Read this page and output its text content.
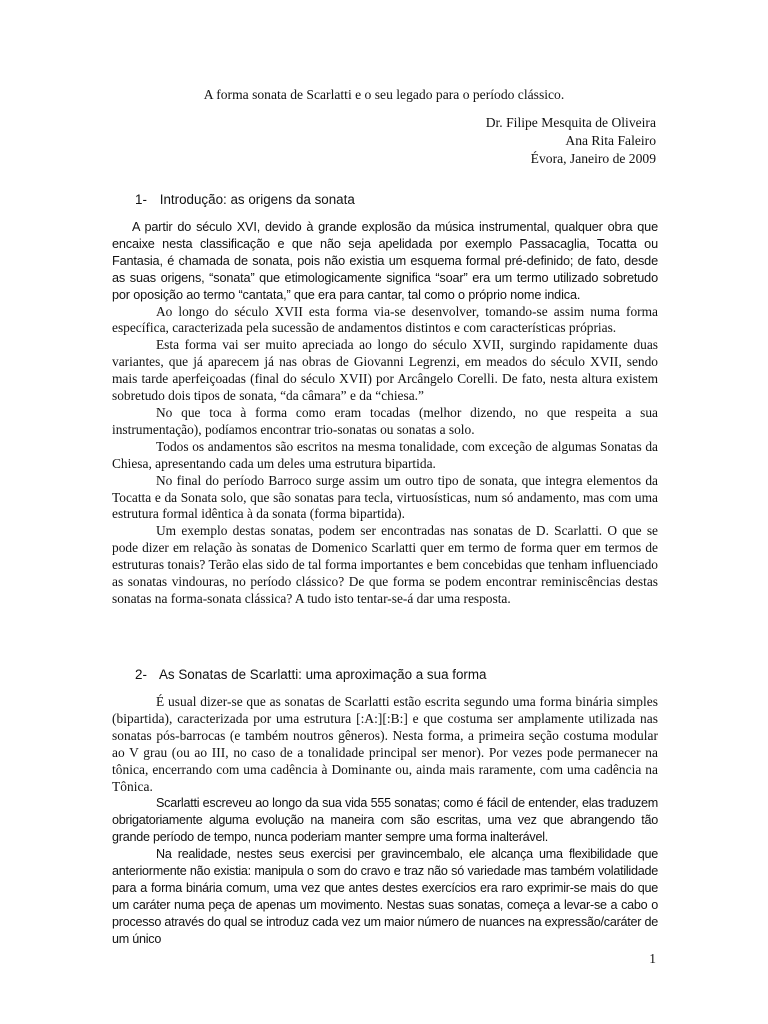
A forma sonata de Scarlatti e o seu legado para o período clássico.
Dr. Filipe Mesquita de Oliveira
Ana Rita Faleiro
Évora, Janeiro de 2009
1- Introdução: as origens da sonata

A partir do século XVI, devido à grande explosão da música instrumental, qualquer obra que encaixe nesta classificação e que não seja apelidada por exemplo Passacaglia, Tocatta ou Fantasia, é chamada de sonata, pois não existia um esquema formal pré-definido; de fato, desde as suas origens, “sonata” que etimologicamente significa “soar” era um termo utilizado sobretudo por oposição ao termo “cantata,” que era para cantar, tal como o próprio nome indica.

Ao longo do século XVII esta forma via-se desenvolver, tomando-se assim numa forma específica, caracterizada pela sucessão de andamentos distintos e com características próprias.

Esta forma vai ser muito apreciada ao longo do século XVII, surgindo rapidamente duas variantes, que já aparecem já nas obras de Giovanni Legrenzi, em meados do século XVII, sendo mais tarde aperfeiçoadas (final do século XVII) por Arcângelo Corelli. De fato, nesta altura existem sobretudo dois tipos de sonata, “da câmara” e da “chiesa.”

No que toca à forma como eram tocadas (melhor dizendo, no que respeita a sua instrumentação), podíamos encontrar trio-sonatas ou sonatas a solo.

Todos os andamentos são escritos na mesma tonalidade, com exceção de algumas Sonatas da Chiesa, apresentando cada um deles uma estrutura bipartida.

No final do período Barroco surge assim um outro tipo de sonata, que integra elementos da Tocatta e da Sonata solo, que são sonatas para tecla, virtuosísticas, num só andamento, mas com uma estrutura formal idêntica à da sonata (forma bipartida).

Um exemplo destas sonatas, podem ser encontradas nas sonatas de D. Scarlatti. O que se pode dizer em relação às sonatas de Domenico Scarlatti quer em termo de forma quer em termos de estruturas tonais? Terão elas sido de tal forma importantes e bem concebidas que tenham influenciado as sonatas vindouras, no período clássico? De que forma se podem encontrar reminiscências destas sonatas na forma-sonata clássica? A tudo isto tentar-se-á dar uma resposta.

2- As Sonatas de Scarlatti: uma aproximação a sua forma

É usual dizer-se que as sonatas de Scarlatti estão escrita segundo uma forma binária simples (bipartida), caracterizada por uma estrutura [:A:][:B:] e que costuma ser amplamente utilizada nas sonatas pós-barrocas (e também noutros gêneros). Nesta forma, a primeira seção costuma modular ao V grau (ou ao III, no caso de a tonalidade principal ser menor). Por vezes pode permanecer na tônica, encerrando com uma cadência à Dominante ou, ainda mais raramente, com uma cadência na Tônica.

Scarlatti escreveu ao longo da sua vida 555 sonatas; como é fácil de entender, elas traduzem obrigatoriamente alguma evolução na maneira com são escritas, uma vez que abrangendo tão grande período de tempo, nunca poderiam manter sempre uma forma inalterável.

Na realidade, nestes seus exercisi per gravincembalo, ele alcança uma flexibilidade que anteriormente não existia: manipula o som do cravo e traz não só variedade mas também volatilidade para a forma binária comum, uma vez que antes destes exercícios era raro exprimir-se mais do que um caráter numa peça de apenas um movimento. Nestas suas sonatas, começa a levar-se a cabo o processo através do qual se introduz cada vez um maior número de nuances na expressão/caráter de um único

1
